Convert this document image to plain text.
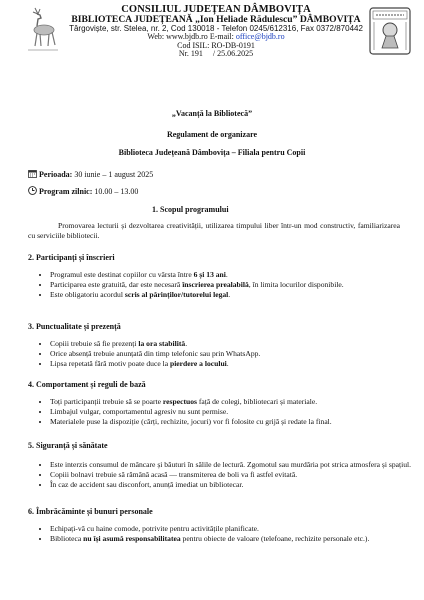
CONSILIUL JUDEȚEAN DÂMBOVIȚA
BIBLIOTECA JUDEȚEANĂ „Ion Heliade Rădulescu” DÂMBOVIȚA
Târgoviște, str. Stelea, nr. 2, Cod 130018 - Telefon 0245/612316, Fax 0372/870442
Web: www.bjdb.ro E-mail: office@bjdb.ro
Cod ISIL: RO-DB-0191
Nr. 191 / 25.06.2025
„Vacanță la Bibliotecă”
Regulament de organizare
Biblioteca Județeană Dâmbovița – Filiala pentru Copii
Perioada: 30 iunie – 1 august 2025
Program zilnic: 10.00 – 13.00
1. Scopul programului

Promovarea lecturii și dezvoltarea creativității, utilizarea timpului liber într-un mod constructiv, familiarizarea cu serviciile bibliotecii.

2. Participanți și înscrieri
• Programul este destinat copiilor cu vârsta între 6 și 13 ani.
• Participarea este gratuită, dar este necesară înscrierea prealabilă, în limita locurilor disponibile.
• Este obligatoriu acordul scris al părinților/tutorelui legal.
3. Punctualitate și prezență
• Copiii trebuie să fie prezenți la ora stabilită.
• Orice absență trebuie anunțată din timp telefonic sau prin WhatsApp.
• Lipsa repetată fără motiv poate duce la pierdere a locului.
4. Comportament și reguli de bază
• Toți participanții trebuie să se poarte respectuos față de colegi, bibliotecari și materiale.
• Limbajul vulgar, comportamentul agresiv nu sunt permise.
• Materialele puse la dispoziție (cărți, rechizite, jocuri) vor fi folosite cu grijă și redate la final.
5. Siguranță și sănătate
• Este interzis consumul de mâncare și băuturi în sălile de lectură. Zgomotul sau murdăria pot strica atmosfera și spațiul.
• Copiii bolnavi trebuie să rămână acasă — transmiterea de boli va fi astfel evitată.
• În caz de accident sau disconfort, anunță imediat un bibliotecar.
6. Îmbrăcăminte și bunuri personale
• Echipați-vă cu haine comode, potrivite pentru activitățile planificate.
• Biblioteca nu își asumă responsabilitatea pentru obiecte de valoare (telefoane, rechizite personale etc.).
